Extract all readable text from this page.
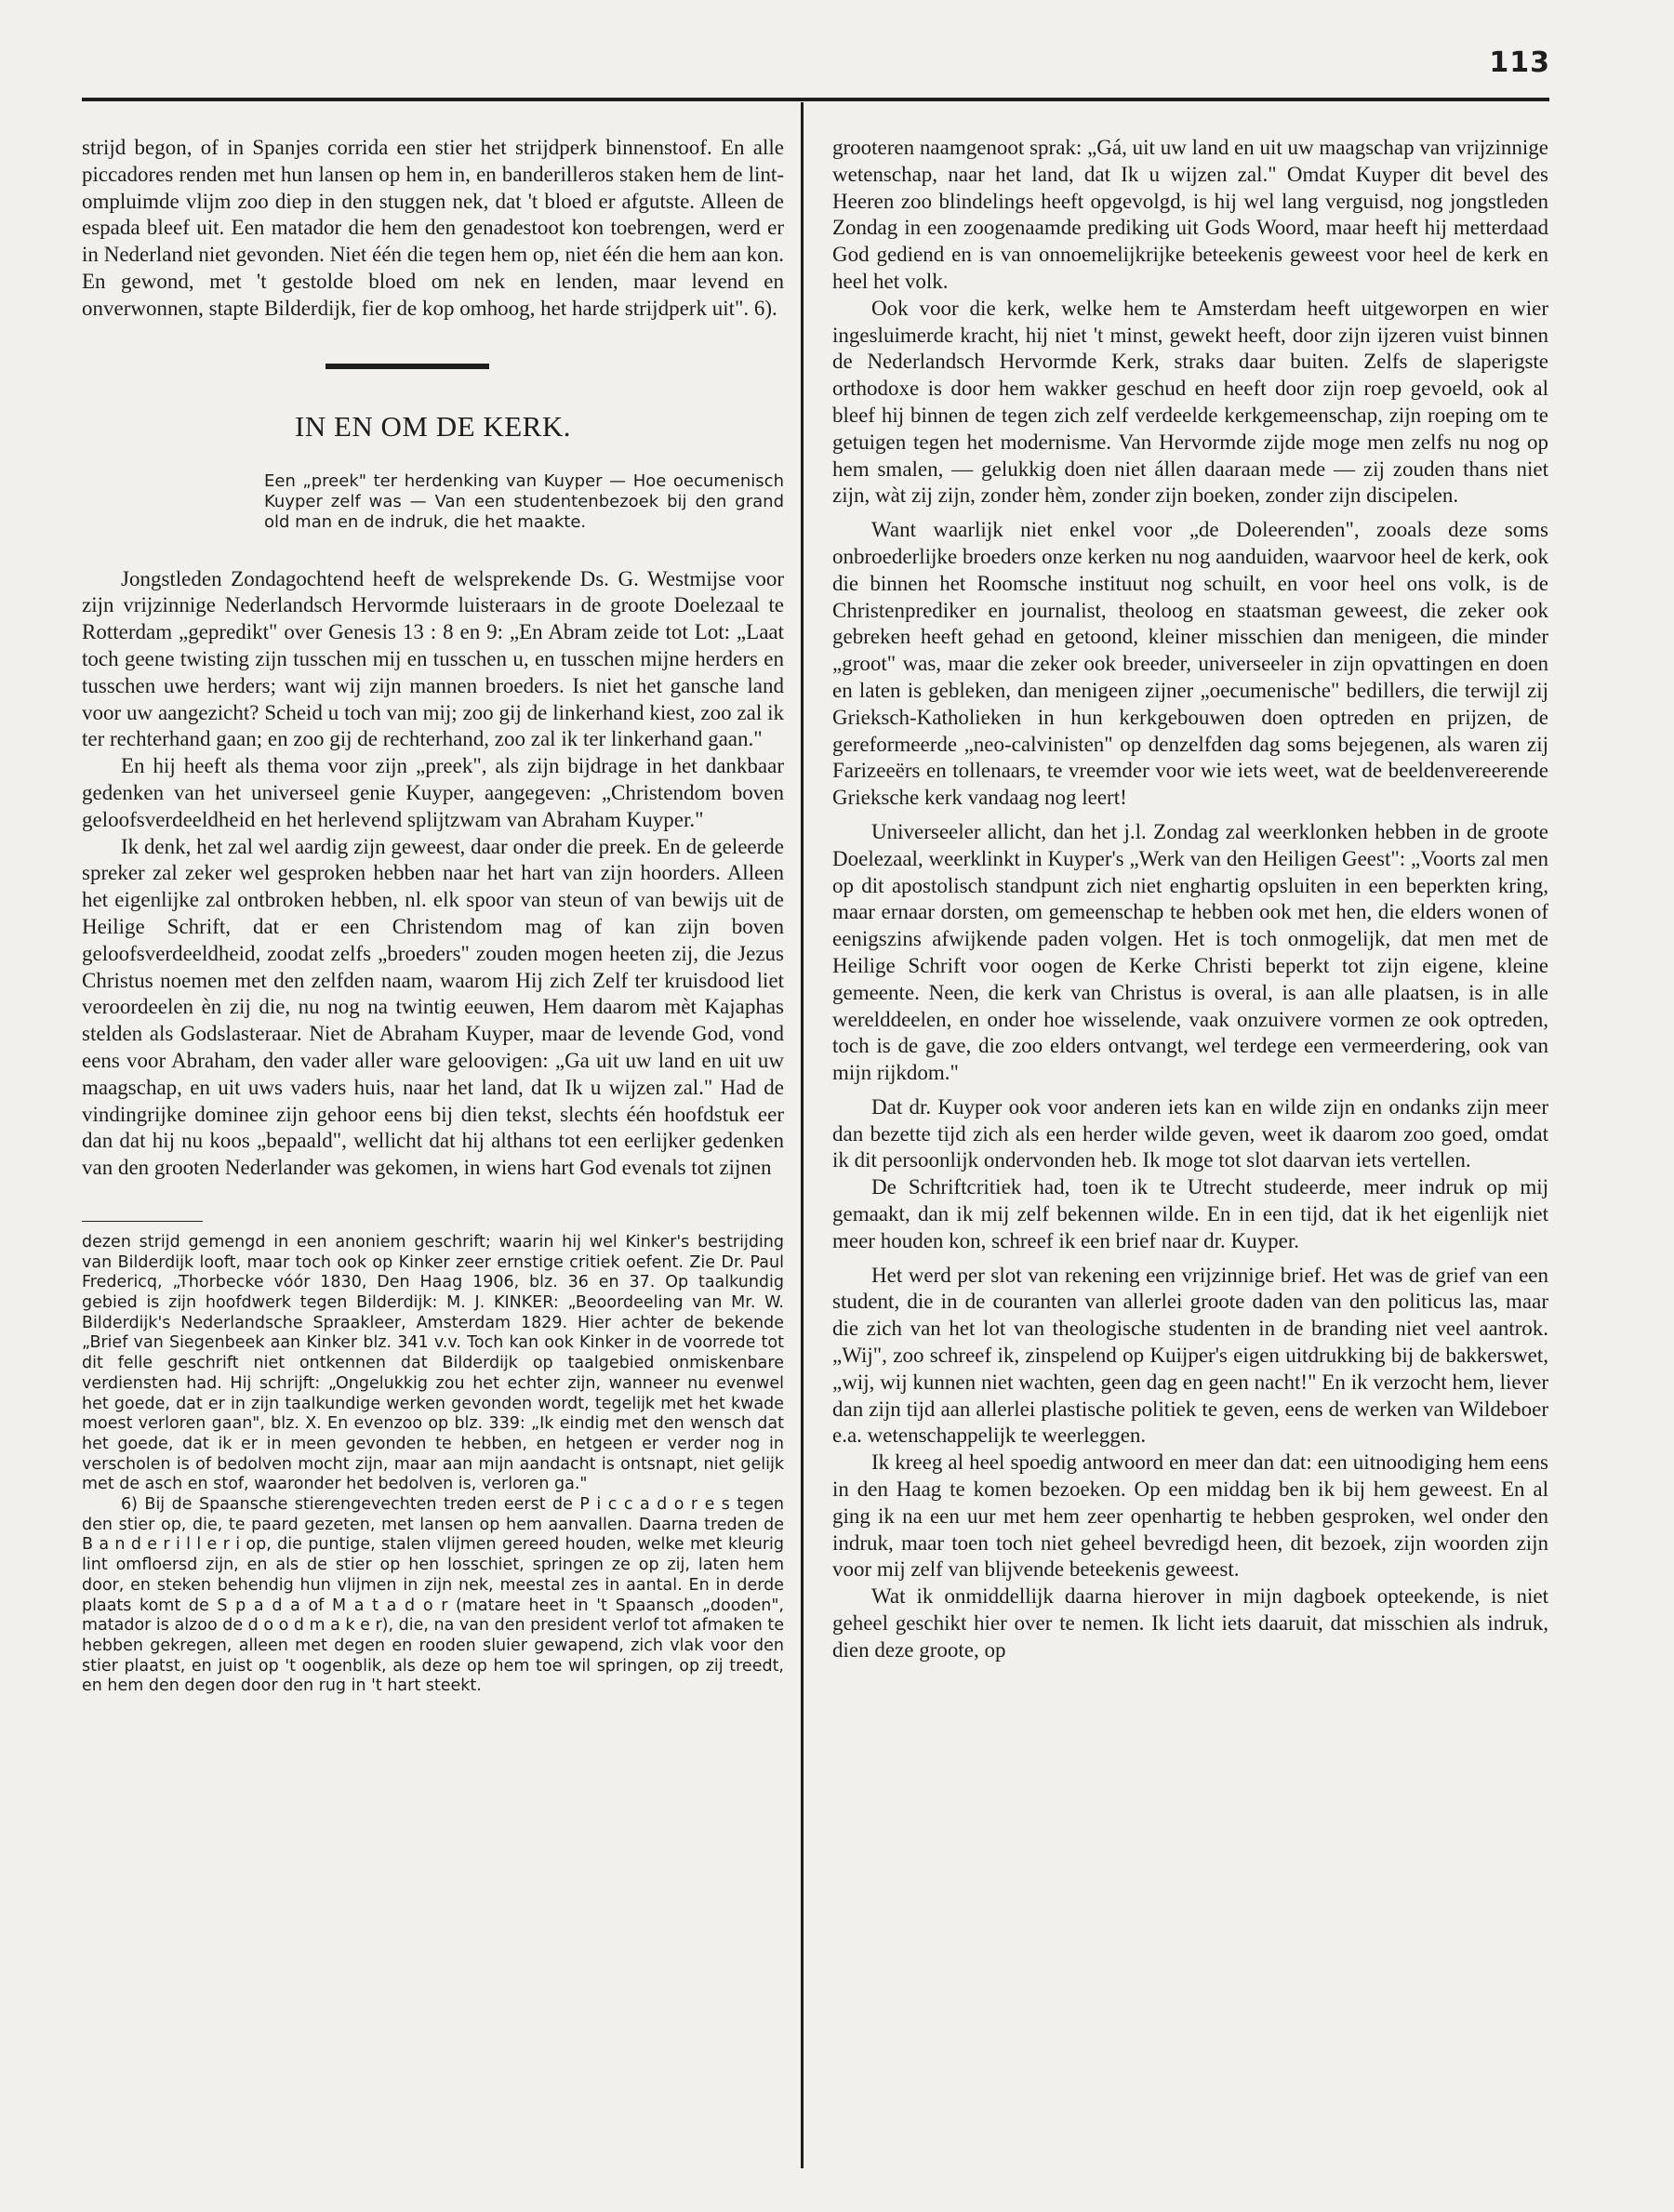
113

strijd begon, of in Spanjes corrida een stier het strijdperk binnenstoof. En alle piccadores renden met hun lansen op hem in, en banderilleros staken hem de lint-ompluimde vlijm zoo diep in den stuggen nek, dat 't bloed er afgutste. Alleen de espada bleef uit. Een matador die hem den genadestoot kon toebrengen, werd er in Nederland niet gevonden. Niet één die tegen hem op, niet één die hem aan kon. En gewond, met 't gestolde bloed om nek en lenden, maar levend en onverwonnen, stapte Bilderdijk, fier de kop omhoog, het harde strijdperk uit". 6).

IN EN OM DE KERK.

Een „preek" ter herdenking van Kuyper — Hoe oecumenisch Kuyper zelf was — Van een studentenbezoek bij den grand old man en de indruk, die het maakte.

Jongstleden Zondagochtend heeft de welsprekende Ds. G. Westmijse voor zijn vrijzinnige Nederlandsch Hervormde luisteraars in de groote Doelezaal te Rotterdam „gepredikt" over Genesis 13 : 8 en 9: „En Abram zeide tot Lot: „Laat toch geene twisting zijn tusschen mij en tusschen u, en tusschen mijne herders en tusschen uwe herders; want wij zijn mannen broeders. Is niet het gansche land voor uw aangezicht? Scheid u toch van mij; zoo gij de linkerhand kiest, zoo zal ik ter rechterhand gaan; en zoo gij de rechterhand, zoo zal ik ter linkerhand gaan."

En hij heeft als thema voor zijn „preek", als zijn bijdrage in het dankbaar gedenken van het universeel genie Kuyper, aangegeven: „Christendom boven geloofsverdeeldheid en het herlevend splijtzwam van Abraham Kuyper."

Ik denk, het zal wel aardig zijn geweest, daar onder die preek. En de geleerde spreker zal zeker wel gesproken hebben naar het hart van zijn hoorders. Alleen het eigenlijke zal ontbroken hebben, nl. elk spoor van steun of van bewijs uit de Heilige Schrift, dat er een Christendom mag of kan zijn boven geloofsverdeeldheid, zoodat zelfs „broeders" zouden mogen heeten zij, die Jezus Christus noemen met den zelfden naam, waarom Hij zich Zelf ter kruisdood liet veroordeelen èn zij die, nu nog na twintig eeuwen, Hem daarom mèt Kajaphas stelden als Godslasteraar. Niet de Abraham Kuyper, maar de levende God, vond eens voor Abraham, den vader aller ware geloovigen: „Ga uit uw land en uit uw maagschap, en uit uws vaders huis, naar het land, dat Ik u wijzen zal." Had de vindingrijke dominee zijn gehoor eens bij dien tekst, slechts één hoofdstuk eer dan dat hij nu koos „bepaald", wellicht dat hij althans tot een eerlijker gedenken van den grooten Nederlander was gekomen, in wiens hart God evenals tot zijnen

dezen strijd gemengd in een anoniem geschrift; waarin hij wel Kinker's bestrijding van Bilderdijk looft, maar toch ook op Kinker zeer ernstige critiek oefent. Zie Dr. Paul Fredericq, „Thorbecke vóór 1830, Den Haag 1906, blz. 36 en 37. Op taalkundig gebied is zijn hoofdwerk tegen Bilderdijk: M. J. KINKER: „Beoordeeling van Mr. W. Bilderdijk's Nederlandsche Spraakleer, Amsterdam 1829. Hier achter de bekende „Brief van Siegenbeek aan Kinker blz. 341 v.v. Toch kan ook Kinker in de voorrede tot dit felle geschrift niet ontkennen dat Bilderdijk op taalgebied onmiskenbare verdiensten had. Hij schrijft: „Ongelukkig zou het echter zijn, wanneer nu evenwel het goede, dat er in zijn taalkundige werken gevonden wordt, tegelijk met het kwade moest verloren gaan", blz. X. En evenzoo op blz. 339: „Ik eindig met den wensch dat het goede, dat ik er in meen gevonden te hebben, en hetgeen er verder nog in verscholen is of bedolven mocht zijn, maar aan mijn aandacht is ontsnapt, niet gelijk met de asch en stof, waaronder het bedolven is, verloren ga."

6) Bij de Spaansche stierengevechten treden eerst de P i c c a d o r e s tegen den stier op, die, te paard gezeten, met lansen op hem aanvallen. Daarna treden de B a n d e r i l l e r i op, die puntige, stalen vlijmen gereed houden, welke met kleurig lint omfloersd zijn, en als de stier op hen losschiet, springen ze op zij, laten hem door, en steken behendig hun vlijmen in zijn nek, meestal zes in aantal. En in derde plaats komt de S p a d a of M a t a d o r (matare heet in 't Spaansch „dooden", matador is alzoo de d o o d m a k e r), die, na van den president verlof tot afmaken te hebben gekregen, alleen met degen en rooden sluier gewapend, zich vlak voor den stier plaatst, en juist op 't oogenblik, als deze op hem toe wil springen, op zij treedt, en hem den degen door den rug in 't hart steekt.

grooteren naamgenoot sprak: „Gá, uit uw land en uit uw maagschap van vrijzinnige wetenschap, naar het land, dat Ik u wijzen zal." Omdat Kuyper dit bevel des Heeren zoo blindelings heeft opgevolgd, is hij wel lang verguisd, nog jongstleden Zondag in een zoogenaamde prediking uit Gods Woord, maar heeft hij metterdaad God gediend en is van onnoemelijkrijke beteekenis geweest voor heel de kerk en heel het volk.

Ook voor die kerk, welke hem te Amsterdam heeft uitgeworpen en wier ingesluimerde kracht, hij niet 't minst, gewekt heeft, door zijn ijzeren vuist binnen de Nederlandsch Hervormde Kerk, straks daar buiten. Zelfs de slaperigste orthodoxe is door hem wakker geschud en heeft door zijn roep gevoeld, ook al bleef hij binnen de tegen zich zelf verdeelde kerkgemeenschap, zijn roeping om te getuigen tegen het modernisme. Van Hervormde zijde moge men zelfs nu nog op hem smalen, — gelukkig doen niet állen daaraan mede — zij zouden thans niet zijn, wàt zij zijn, zonder hèm, zonder zijn boeken, zonder zijn discipelen.

Want waarlijk niet enkel voor „de Doleerenden", zooals deze soms onbroederlijke broeders onze kerken nu nog aanduiden, waarvoor heel de kerk, ook die binnen het Roomsche instituut nog schuilt, en voor heel ons volk, is de Christenprediker en journalist, theoloog en staatsman geweest, die zeker ook gebreken heeft gehad en getoond, kleiner misschien dan menigeen, die minder „groot" was, maar die zeker ook breeder, universeeler in zijn opvattingen en doen en laten is gebleken, dan menigeen zijner „oecumenische" bedillers, die terwijl zij Grieksch-Katholieken in hun kerkgebouwen doen optreden en prijzen, de gereformeerde „neo-calvinisten" op denzelfden dag soms bejegenen, als waren zij Farizeeërs en tollenaars, te vreemder voor wie iets weet, wat de beeldenvereerende Grieksche kerk vandaag nog leert!

Universeeler allicht, dan het j.l. Zondag zal weerklonken hebben in de groote Doelezaal, weerklinkt in Kuyper's „Werk van den Heiligen Geest": „Voorts zal men op dit apostolisch standpunt zich niet enghartig opsluiten in een beperkten kring, maar ernaar dorsten, om gemeenschap te hebben ook met hen, die elders wonen of eenigszins afwijkende paden volgen. Het is toch onmogelijk, dat men met de Heilige Schrift voor oogen de Kerke Christi beperkt tot zijn eigene, kleine gemeente. Neen, die kerk van Christus is overal, is aan alle plaatsen, is in alle werelddeelen, en onder hoe wisselende, vaak onzuivere vormen ze ook optreden, toch is de gave, die zoo elders ontvangt, wel terdege een vermeerdering, ook van mijn rijkdom."

Dat dr. Kuyper ook voor anderen iets kan en wilde zijn en ondanks zijn meer dan bezette tijd zich als een herder wilde geven, weet ik daarom zoo goed, omdat ik dit persoonlijk ondervonden heb. Ik moge tot slot daarvan iets vertellen.

De Schriftcritiek had, toen ik te Utrecht studeerde, meer indruk op mij gemaakt, dan ik mij zelf bekennen wilde. En in een tijd, dat ik het eigenlijk niet meer houden kon, schreef ik een brief naar dr. Kuyper.

Het werd per slot van rekening een vrijzinnige brief. Het was de grief van een student, die in de couranten van allerlei groote daden van den politicus las, maar die zich van het lot van theologische studenten in de branding niet veel aantrok. „Wij", zoo schreef ik, zinspelend op Kuijper's eigen uitdrukking bij de bakkerswet, „wij, wij kunnen niet wachten, geen dag en geen nacht!" En ik verzocht hem, liever dan zijn tijd aan allerlei plastische politiek te geven, eens de werken van Wildeboer e.a. wetenschappelijk te weerleggen.

Ik kreeg al heel spoedig antwoord en meer dan dat: een uitnoodiging hem eens in den Haag te komen bezoeken. Op een middag ben ik bij hem geweest. En al ging ik na een uur met hem zeer openhartig te hebben gesproken, wel onder den indruk, maar toen toch niet geheel bevredigd heen, dit bezoek, zijn woorden zijn voor mij zelf van blijvende beteekenis geweest.

Wat ik onmiddellijk daarna hierover in mijn dagboek opteekende, is niet geheel geschikt hier over te nemen. Ik licht iets daaruit, dat misschien als indruk, dien deze groote, op
